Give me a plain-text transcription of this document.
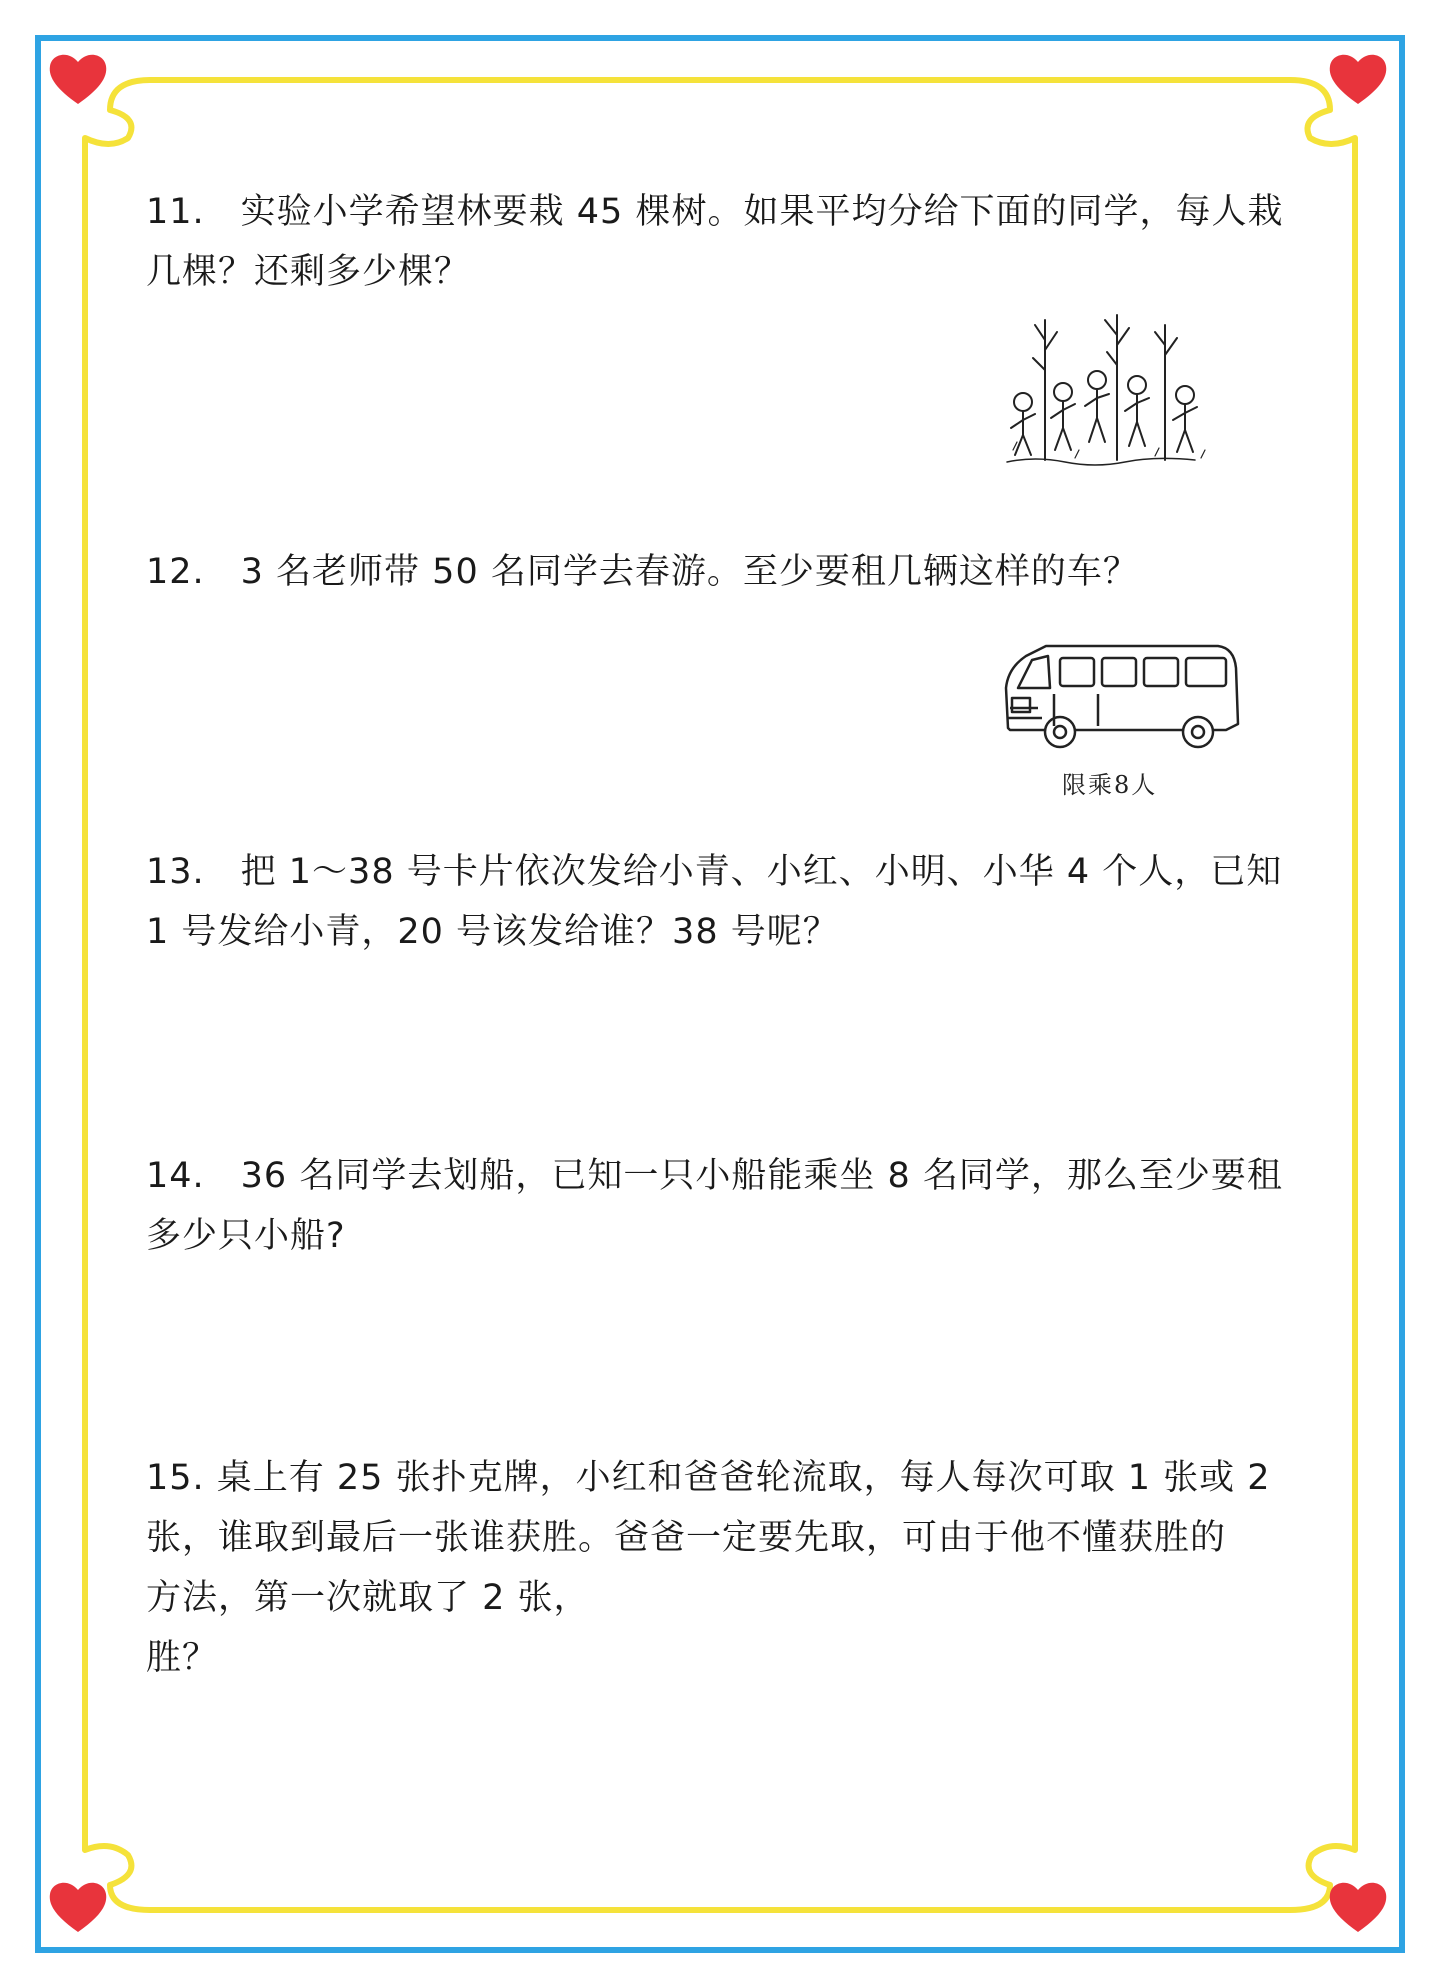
11.　实验小学希望林要栽 45 棵树。如果平均分给下面的同学，每人栽
几棵？还剩多少棵？

12.　3 名老师带 50 名同学去春游。至少要租几辆这样的车？

限乘8人

13.　把 1～38 号卡片依次发给小青、小红、小明、小华 4 个人，已知
1 号发给小青，20 号该发给谁？38 号呢？

14.　36 名同学去划船，已知一只小船能乘坐 8 名同学，那么至少要租
多少只小船?

15. 桌上有 25 张扑克牌，小红和爸爸轮流取，每人每次可取 1 张或 2
张，谁取到最后一张谁获胜。爸爸一定要先取，可由于他不懂获胜的
方法，第一次就取了 2 张，
胜？
